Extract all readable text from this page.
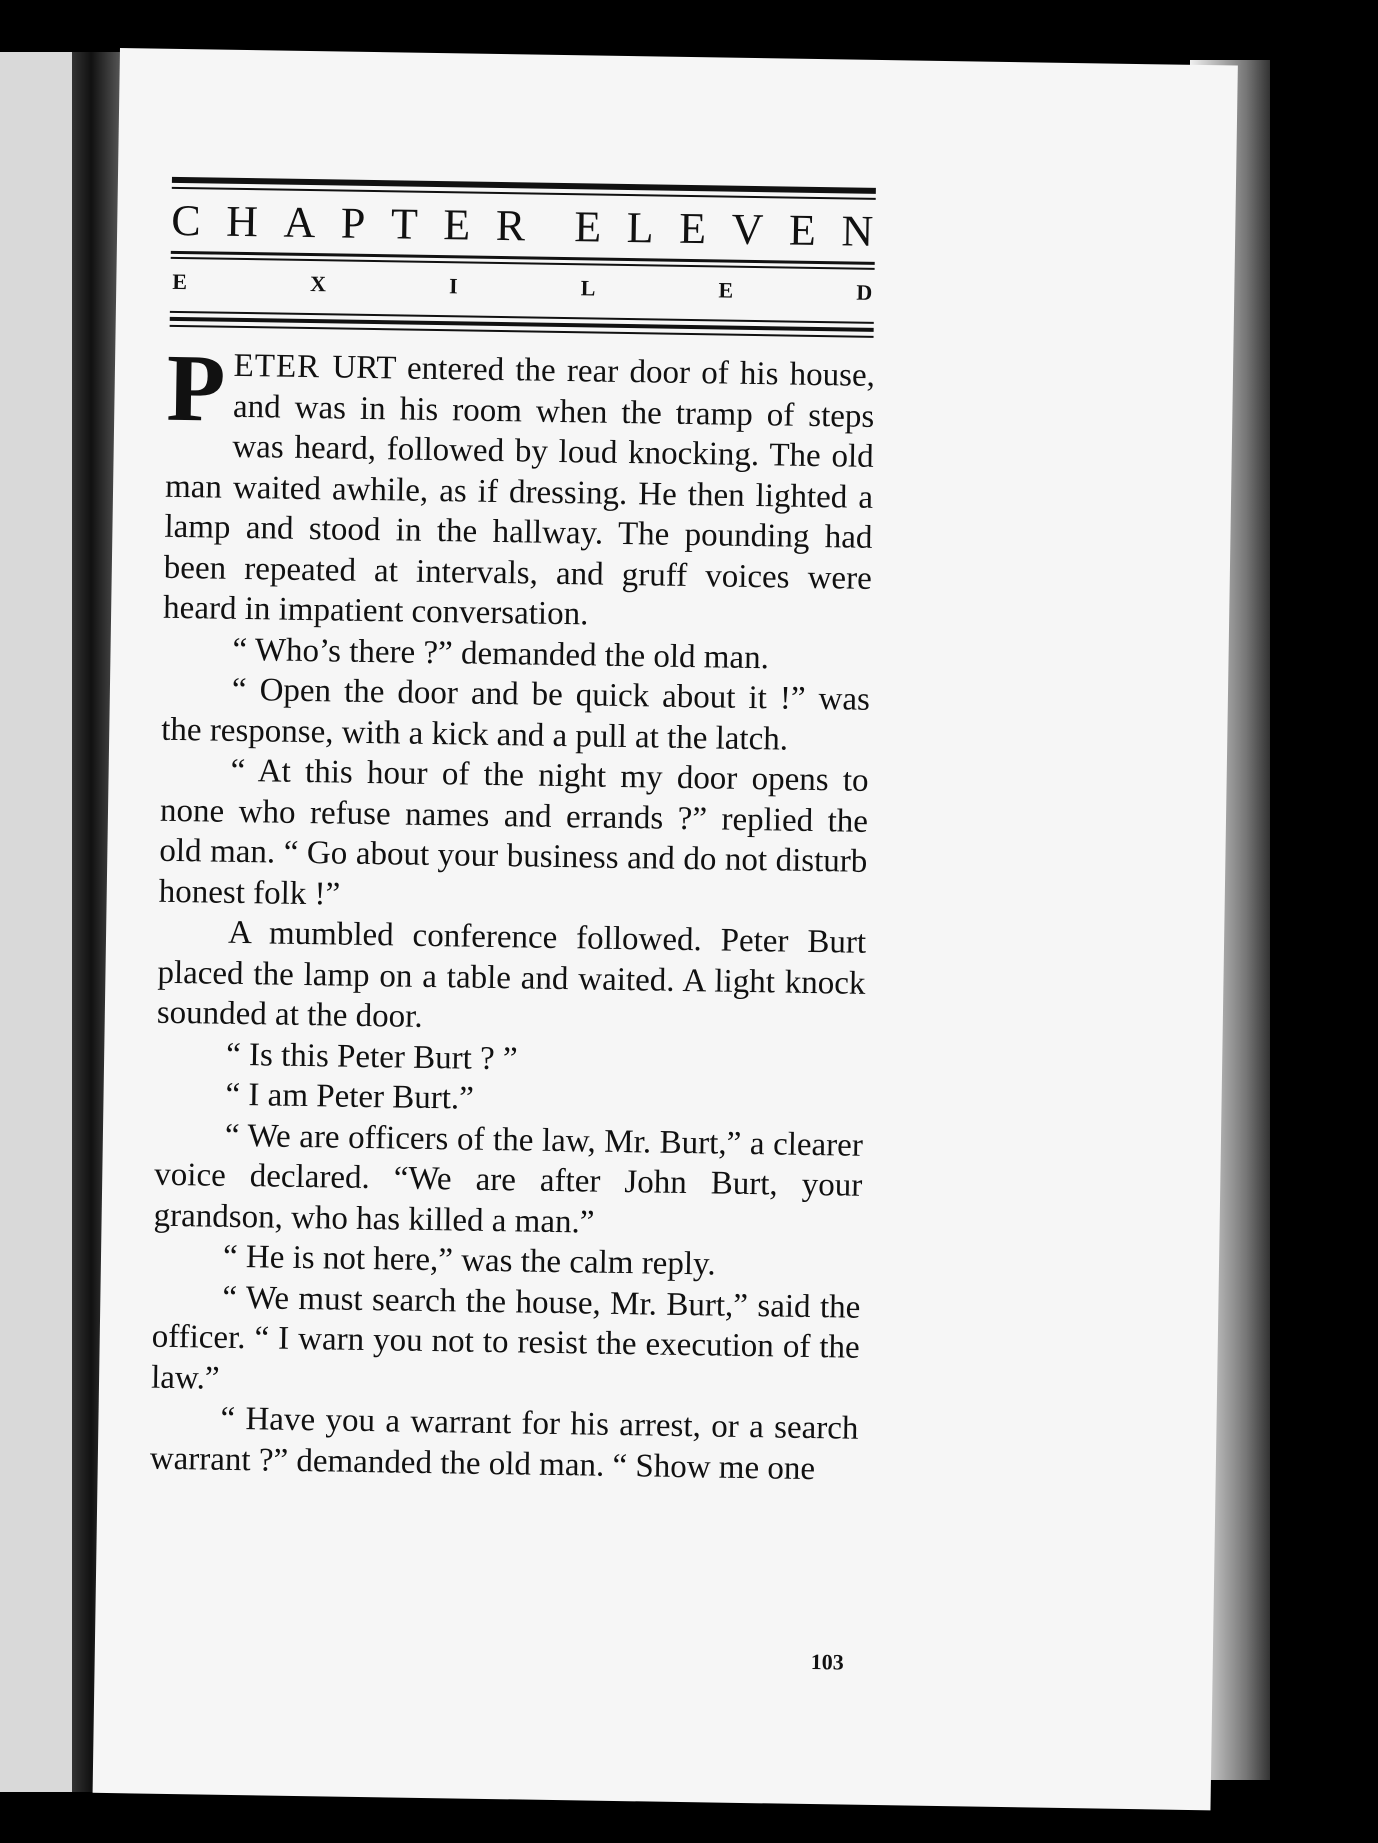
C H A P T E R E L E V E N
E	X	I	L	E	D

PETER URT entered the rear door of his house, and was in his room when the tramp of steps was heard, followed by loud knocking. The old man waited awhile, as if dressing. He then lighted a lamp and stood in the hallway. The pounding had been repeated at intervals, and gruff voices were heard in impatient conversation.

“ Who’s there ?” demanded the old man.

“ Open the door and be quick about it !” was the response, with a kick and a pull at the latch.

“ At this hour of the night my door opens to none who refuse names and errands ?” replied the old man. “ Go about your business and do not disturb honest folk !”

A mumbled conference followed. Peter Burt placed the lamp on a table and waited. A light knock sounded at the door.

“ Is this Peter Burt ? ”

“ I am Peter Burt.”

“ We are officers of the law, Mr. Burt,” a clearer voice declared. “We are after John Burt, your grandson, who has killed a man.”

“ He is not here,” was the calm reply.

“ We must search the house, Mr. Burt,” said the officer. “ I warn you not to resist the execution of the law.”

“ Have you a warrant for his arrest, or a search warrant ?” demanded the old man. “ Show me one

103
